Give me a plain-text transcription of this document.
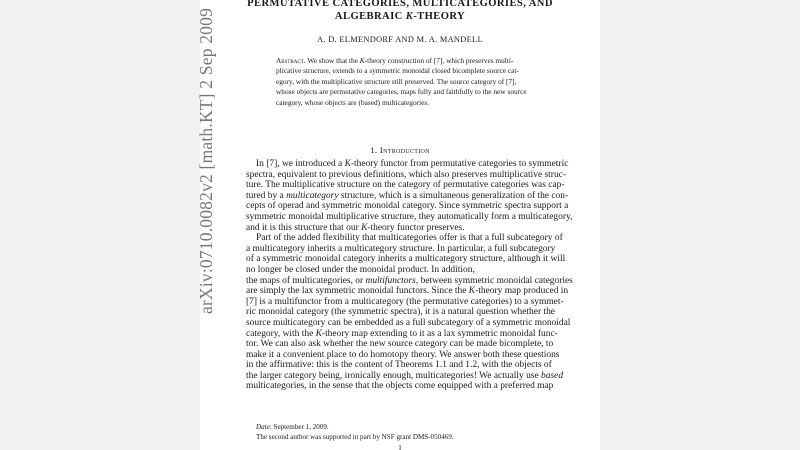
PERMUTATIVE CATEGORIES, MULTICATEGORIES, AND
ALGEBRAIC K-THEORY
A. D. ELMENDORF AND M. A. MANDELL
Abstract. We show that the K-theory construction of [7], which preserves multi-
plicative structure, extends to a symmetric monoidal closed bicomplete source cat-
egory, with the multiplicative structure still preserved. The source category of [7],
whose objects are permutative categories, maps fully and faithfully to the new source
category, whose objects are (based) multicategories.
1. Introduction
In [7], we introduced a K-theory functor from permutative categories to symmetric
spectra, equivalent to previous definitions, which also preserves multiplicative struc-
ture. The multiplicative structure on the category of permutative categories was cap-
tured by a multicategory structure, which is a simultaneous generalization of the con-
cepts of operad and symmetric monoidal category. Since symmetric spectra support a
symmetric monoidal multiplicative structure, they automatically form a multicategory,
and it is this structure that our K-theory functor preserves.
Part of the added flexibility that multicategories offer is that a full subcategory of
a multicategory inherits a multicategory structure. In particular, a full subcategory
of a symmetric monoidal category inherits a multicategory structure, although it will
no longer be closed under the monoidal product. In addition,
the maps of multicategories, or multifunctors, between symmetric monoidal categories
are simply the lax symmetric monoidal functors. Since the K-theory map produced in
[7] is a multifunctor from a multicategory (the permutative categories) to a symmet-
ric monoidal category (the symmetric spectra), it is a natural question whether the
source multicategory can be embedded as a full subcategory of a symmetric monoidal
category, with the K-theory map extending to it as a lax symmetric monoidal func-
tor. We can also ask whether the new source category can be made bicomplete, to
make it a convenient place to do homotopy theory. We answer both these questions
in the affirmative: this is the content of Theorems 1.1 and 1.2, with the objects of
the larger category being, ironically enough, multicategories! We actually use based
multicategories, in the sense that the objects come equipped with a preferred map
Date: September 1, 2009.
The second author was supported in part by NSF grant DMS-050469.
1
arXiv:0710.0082v2 [math.KT] 2 Sep 2009
